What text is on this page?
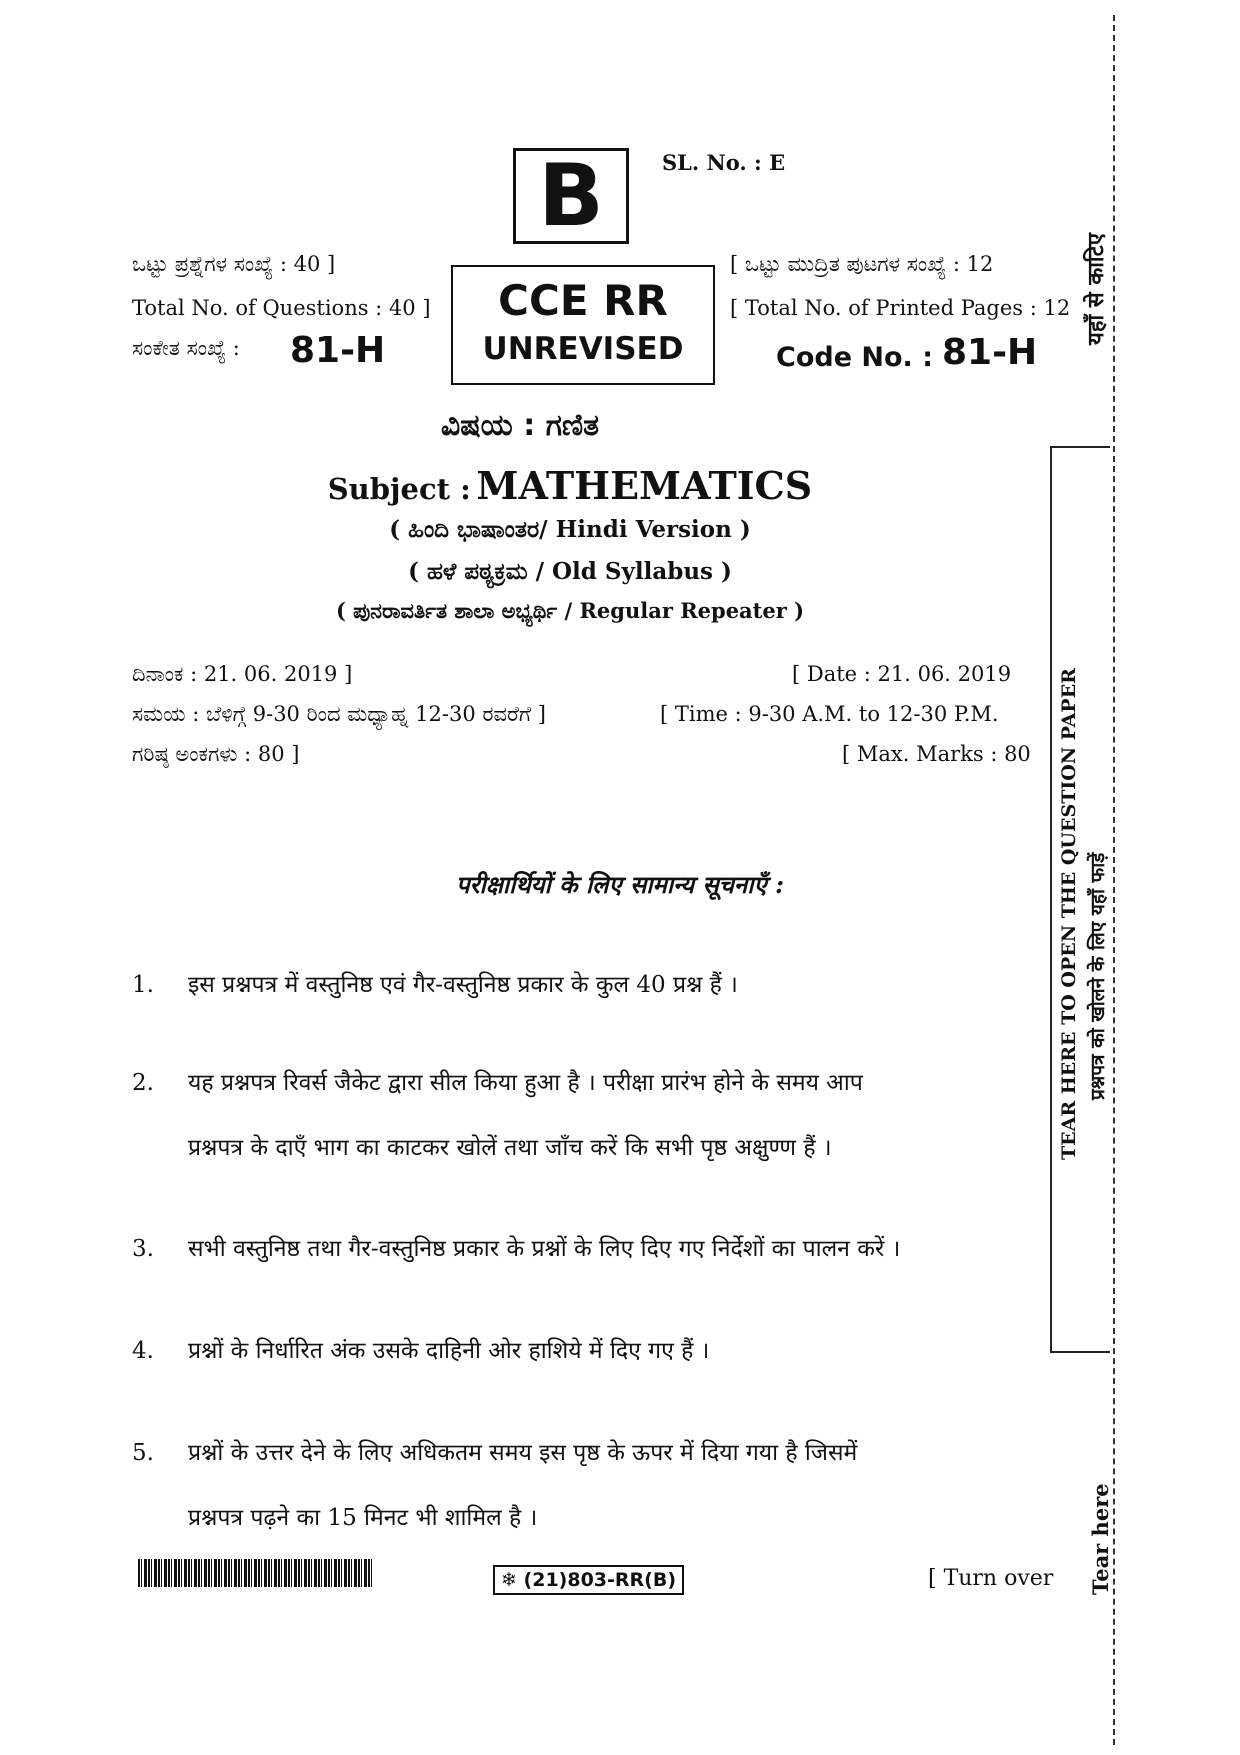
B	SL. No. : E
ಒಟ್ಟು ಪ್ರಶ್ನೆಗಳ ಸಂಖ್ಯೆ : 40 ]
Total No. of Questions : 40 ]
ಸಂಕೇತ ಸಂಖ್ಯೆ : 81-H
CCE RR
UNREVISED
[ ಒಟ್ಟು ಮುದ್ರಿತ ಪುಟಗಳ ಸಂಖ್ಯೆ : 12
[ Total No. of Printed Pages : 12
Code No. : 81-H
ವಿಷಯ : ಗಣಿತ
Subject : MATHEMATICS
( ಹಿಂದಿ ಭಾಷಾಂತರ/ Hindi Version )
( ಹಳೆ ಪಠ್ಯಕ್ರಮ / Old Syllabus )
( ಪುನರಾವರ್ತಿತ ಶಾಲಾ ಅಭ್ಯರ್ಥಿ / Regular Repeater )
ದಿನಾಂಕ : 21. 06. 2019 ]	[ Date : 21. 06. 2019
ಸಮಯ : ಬೆಳಿಗ್ಗೆ 9-30 ರಿಂದ ಮಧ್ಯಾಹ್ನ 12-30 ರವರೆಗೆ ]	[ Time : 9-30 A.M. to 12-30 P.M.
ಗರಿಷ್ಠ ಅಂಕಗಳು : 80 ]	[ Max. Marks : 80
परीक्षार्थियों के लिए सामान्य सूचनाएँ :
1. इस प्रश्नपत्र में वस्तुनिष्ठ एवं गैर-वस्तुनिष्ठ प्रकार के कुल 40 प्रश्न हैं ।
2. यह प्रश्नपत्र रिवर्स जैकेट द्वारा सील किया हुआ है । परीक्षा प्रारंभ होने के समय आप
प्रश्नपत्र के दाएँ भाग का काटकर खोलें तथा जाँच करें कि सभी पृष्ठ अक्षुण्ण हैं ।
3. सभी वस्तुनिष्ठ तथा गैर-वस्तुनिष्ठ प्रकार के प्रश्नों के लिए दिए गए निर्देशों का पालन करें ।
4. प्रश्नों के निर्धारित अंक उसके दाहिनी ओर हाशिये में दिए गए हैं ।
5. प्रश्नों के उत्तर देने के लिए अधिकतम समय इस पृष्ठ के ऊपर में दिया गया है जिसमें
प्रश्नपत्र पढ़ने का 15 मिनट भी शामिल है ।
❄ (21)803-RR(B)	[ Turn over
यहाँ से काटिए
TEAR HERE TO OPEN THE QUESTION PAPER प्रश्नपत्र को खोलने के लिए यहाँ फाड़ें
Tear here
